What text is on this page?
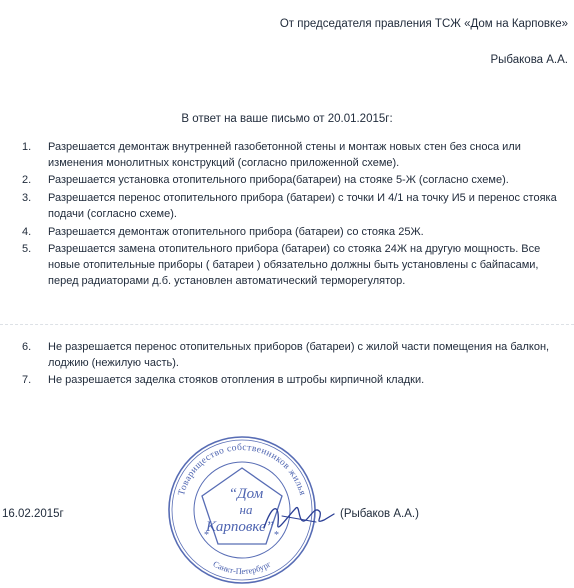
От председателя правления ТСЖ «Дом на Карповке»
Рыбакова А.А.
В ответ на ваше письмо от 20.01.2015г:
1.	Разрешается демонтаж внутренней газобетонной стены и монтаж новых стен без сноса или изменения монолитных конструкций (согласно приложенной схеме).
2.	Разрешается установка отопительного прибора(батареи) на стояке 5-Ж (согласно схеме).
3.	Разрешается перенос отопительного прибора (батареи) с точки И 4/1 на точку И5 и перенос стояка подачи (согласно схеме).
4.	Разрешается демонтаж отопительного прибора (батареи) со стояка 25Ж.
5.	Разрешается замена отопительного прибора (батареи) со стояка 24Ж на другую мощность. Все новые отопительные приборы ( батареи ) обязательно должны быть установлены с байпасами, перед радиаторами д.б. установлен автоматический терморегулятор.
6.	Не разрешается перенос отопительных приборов (батареи) с жилой части помещения на балкон, лоджию (нежилую часть).
7.	Не разрешается заделка стояков отопления в штробы кирпичной кладки.
16.02.2015г	(Рыбаков А.А.)
Товарищество собственников жилья
Санкт-Петербург
“Дом
на
Карповке”
*	*
